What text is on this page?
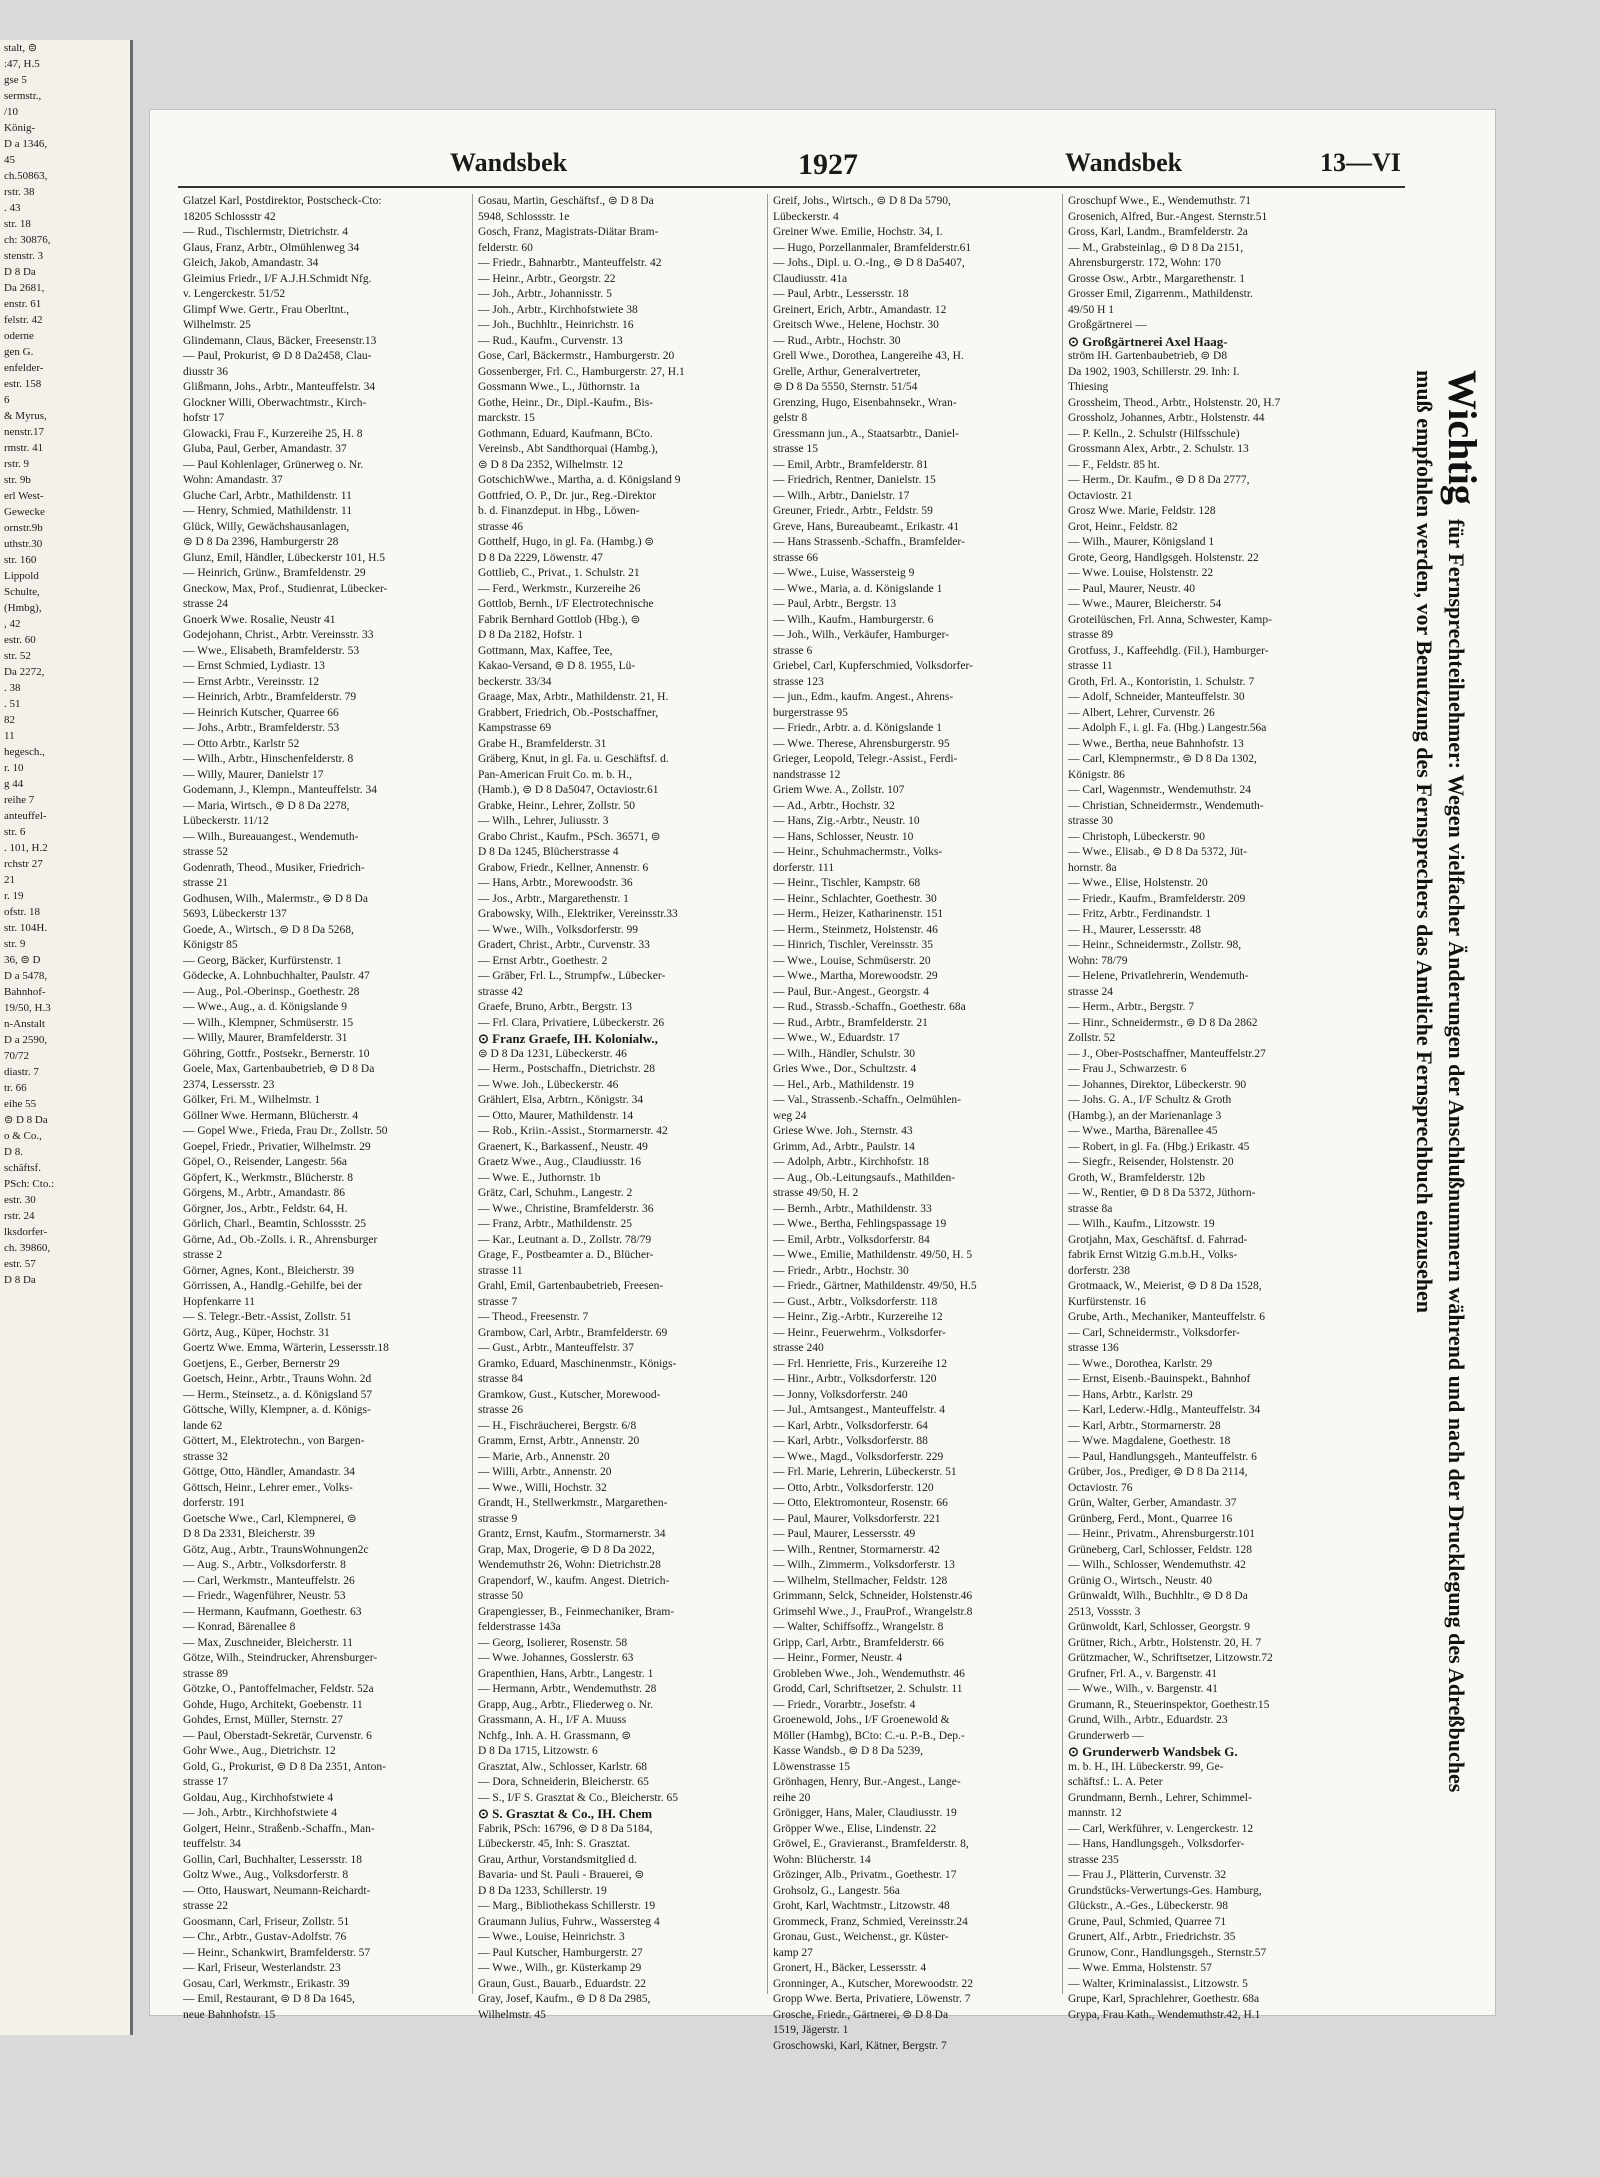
stalt, ⊜
:47, H.5
gse 5
sermstr.,
/10
König-
D a 1346,
45
ch.50863,
rstr. 38
. 43
str. 18
ch: 30876,
stenstr. 3
D 8 Da
Da 2681,
enstr. 61
felstr. 42
oderne
gen G.
enfelder-
estr. 158
6
& Myrus,
nenstr.17
rmstr. 41
rstr. 9
str. 9b
erl West-
Gewecke
ornstr.9b
uthstr.30
str. 160
Lippold
Schulte,
(Hmbg),
, 42
estr. 60
str. 52
Da 2272,
. 38
. 51
82
11
hegesch.,
r. 10
g 44
reihe 7
anteuffel-
str. 6
. 101, H.2
rchstr 27
21
r. 19
ofstr. 18
str. 104H.
str. 9
36, ⊜ D
D a 5478,
Bahnhof-
19/50, H.3
n-Anstalt
D a 2590,
70/72
diastr. 7
tr. 66
eihe 55
⊜ D 8 Da
o & Co.,
D 8.
schäftsf.
PSch: Cto.:
estr. 30
rstr. 24
lksdorfer-
ch. 39860,
estr. 57
D 8 Da
Wandsbek	1927	Wandsbek	13—VI
Glatzel Karl, Postdirektor, Postscheck-Cto:
18205 Schlossstr 42
— Rud., Tischlermstr, Dietrichstr. 4
Glaus, Franz, Arbtr., Olmühlenweg 34
Gleich, Jakob, Amandastr. 34
Gleimius Friedr., I/F A.J.H.Schmidt Nfg.
v. Lengerckestr. 51/52
Glimpf Wwe. Gertr., Frau Oberltnt.,
Wilhelmstr. 25
Glindemann, Claus, Bäcker, Freesenstr.13
— Paul, Prokurist, ⊜ D 8 Da2458, Clau-
diusstr 36
Glißmann, Johs., Arbtr., Manteuffelstr. 34
Glockner Willi, Oberwachtmstr., Kirch-
hofstr 17
Glowacki, Frau F., Kurzereihe 25, H. 8
Gluba, Paul, Gerber, Amandastr. 37
— Paul Kohlenlager, Grünerweg o. Nr.
Wohn: Amandastr. 37
Gluche Carl, Arbtr., Mathildenstr. 11
— Henry, Schmied, Mathildenstr. 11
Glück, Willy, Gewächshausanlagen,
⊜ D 8 Da 2396, Hamburgerstr 28
Glunz, Emil, Händler, Lübeckerstr 101, H.5
— Heinrich, Grünw., Bramfeldenstr. 29
Gneckow, Max, Prof., Studienrat, Lübecker-
strasse 24
Gnoerk Wwe. Rosalie, Neustr 41
Godejohann, Christ., Arbtr. Vereinsstr. 33
— Wwe., Elisabeth, Bramfelderstr. 53
— Ernst Schmied, Lydiastr. 13
— Ernst Arbtr., Vereinsstr. 12
— Heinrich, Arbtr., Bramfelderstr. 79
— Heinrich Kutscher, Quarree 66
— Johs., Arbtr., Bramfelderstr. 53
— Otto Arbtr., Karlstr 52
— Wilh., Arbtr., Hinschenfelderstr. 8
— Willy, Maurer, Danielstr 17
Godemann, J., Klempn., Manteuffelstr. 34
— Maria, Wirtsch., ⊜ D 8 Da 2278,
Lübeckerstr. 11/12
— Wilh., Bureauangest., Wendemuth-
strasse 52
Godenrath, Theod., Musiker, Friedrich-
strasse 21
Godhusen, Wilh., Malermstr., ⊜ D 8 Da
5693, Lübeckerstr 137
Goede, A., Wirtsch., ⊜ D 8 Da 5268,
Königstr 85
— Georg, Bäcker, Kurfürstenstr. 1
Gödecke, A. Lohnbuchhalter, Paulstr. 47
— Aug., Pol.-Oberinsp., Goethestr. 28
— Wwe., Aug., a. d. Königslande 9
— Wilh., Klempner, Schmüserstr. 15
— Willy, Maurer, Bramfelderstr. 31
Göhring, Gottfr., Postsekr., Bernerstr. 10
Goele, Max, Gartenbaubetrieb, ⊜ D 8 Da
2374, Lessersstr. 23
Gölker, Fri. M., Wilhelmstr. 1
Göllner Wwe. Hermann, Blücherstr. 4
— Gopel Wwe., Frieda, Frau Dr., Zollstr. 50
Goepel, Friedr., Privatier, Wilhelmstr. 29
Göpel, O., Reisender, Langestr. 56a
Göpfert, K., Werkmstr., Blücherstr. 8
Görgens, M., Arbtr., Amandastr. 86
Görgner, Jos., Arbtr., Feldstr. 64, H.
Görlich, Charl., Beamtin, Schlossstr. 25
Görne, Ad., Ob.-Zolls. i. R., Ahrensburger
strasse 2
Görner, Agnes, Kont., Bleicherstr. 39
Görrissen, A., Handlg.-Gehilfe, bei der
Hopfenkarre 11
— S. Telegr.-Betr.-Assist, Zollstr. 51
Görtz, Aug., Küper, Hochstr. 31
Goertz Wwe. Emma, Wärterin, Lessersstr.18
Goetjens, E., Gerber, Bernerstr 29
Goetsch, Heinr., Arbtr., Trauns Wohn. 2d
— Herm., Steinsetz., a. d. Königsland 57
Göttsche, Willy, Klempner, a. d. Königs-
lande 62
Göttert, M., Elektrotechn., von Bargen-
strasse 32
Göttge, Otto, Händler, Amandastr. 34
Göttsch, Heinr., Lehrer emer., Volks-
dorferstr. 191
Goetsche Wwe., Carl, Klempnerei, ⊜
D 8 Da 2331, Bleicherstr. 39
Götz, Aug., Arbtr., TraunsWohnungen2c
— Aug. S., Arbtr., Volksdorferstr. 8
— Carl, Werkmstr., Manteuffelstr. 26
— Friedr., Wagenführer, Neustr. 53
— Hermann, Kaufmann, Goethestr. 63
— Konrad, Bärenallee 8
— Max, Zuschneider, Bleicherstr. 11
Götze, Wilh., Steindrucker, Ahrensburger-
strasse 89
Götzke, O., Pantoffelmacher, Feldstr. 52a
Gohde, Hugo, Architekt, Goebenstr. 11
Gohdes, Ernst, Müller, Sternstr. 27
— Paul, Oberstadt-Sekretär, Curvenstr. 6
Gohr Wwe., Aug., Dietrichstr. 12
Gold, G., Prokurist, ⊜ D 8 Da 2351, Anton-
strasse 17
Goldau, Aug., Kirchhofstwiete 4
— Joh., Arbtr., Kirchhofstwiete 4
Golgert, Heinr., Straßenb.-Schaffn., Man-
teuffelstr. 34
Gollin, Carl, Buchhalter, Lessersstr. 18
Goltz Wwe., Aug., Volksdorferstr. 8
— Otto, Hauswart, Neumann-Reichardt-
strasse 22
Goosmann, Carl, Friseur, Zollstr. 51
— Chr., Arbtr., Gustav-Adolfstr. 76
— Heinr., Schankwirt, Bramfelderstr. 57
— Karl, Friseur, Westerlandstr. 23
Gosau, Carl, Werkmstr., Erikastr. 39
— Emil, Restaurant, ⊜ D 8 Da 1645,
neue Bahnhofstr. 15
Gosau, Martin, Geschäftsf., ⊜ D 8 Da
5948, Schlossstr. 1e
Gosch, Franz, Magistrats-Diätar Bram-
felderstr. 60
— Friedr., Bahnarbtr., Manteuffelstr. 42
— Heinr., Arbtr., Georgstr. 22
— Joh., Arbtr., Johannisstr. 5
— Joh., Arbtr., Kirchhofstwiete 38
— Joh., Buchhltr., Heinrichstr. 16
— Rud., Kaufm., Curvenstr. 13
Gose, Carl, Bäckermstr., Hamburgerstr. 20
Gossenberger, Frl. C., Hamburgerstr. 27, H.1
Gossmann Wwe., L., Jüthornstr. 1a
Gothe, Heinr., Dr., Dipl.-Kaufm., Bis-
marckstr. 15
Gothmann, Eduard, Kaufmann, BCto.
Vereinsb., Abt Sandthorquai (Hambg.),
⊜ D 8 Da 2352, Wilhelmstr. 12
GotschichWwe., Martha, a. d. Königsland 9
Gottfried, O. P., Dr. jur., Reg.-Direktor
b. d. Finanzdeput. in Hbg., Löwen-
strasse 46
Gotthelf, Hugo, in gl. Fa. (Hambg.) ⊜
D 8 Da 2229, Löwenstr. 47
Gottlieb, C., Privat., 1. Schulstr. 21
— Ferd., Werkmstr., Kurzereihe 26
Gottlob, Bernh., I/F Electrotechnische
Fabrik Bernhard Gottlob (Hbg.), ⊜
D 8 Da 2182, Hofstr. 1
Gottmann, Max, Kaffee, Tee,
Kakao-Versand, ⊜ D 8. 1955, Lü-
beckerstr. 33/34
Graage, Max, Arbtr., Mathildenstr. 21, H.
Grabbert, Friedrich, Ob.-Postschaffner,
Kampstrasse 69
Grabe H., Bramfelderstr. 31
Gräberg, Knut, in gl. Fa. u. Geschäftsf. d.
Pan-American Fruit Co. m. b. H.,
(Hamb.), ⊜ D 8 Da5047, Octaviostr.61
Grabke, Heinr., Lehrer, Zollstr. 50
— Wilh., Lehrer, Juliusstr. 3
Grabo Christ., Kaufm., PSch. 36571, ⊜
D 8 Da 1245, Blücherstrasse 4
Grabow, Friedr., Kellner, Annenstr. 6
— Hans, Arbtr., Morewoodstr. 36
— Jos., Arbtr., Margarethenstr. 1
Grabowsky, Wilh., Elektriker, Vereinsstr.33
— Wwe., Wilh., Volksdorferstr. 99
Gradert, Christ., Arbtr., Curvenstr. 33
— Ernst Arbtr., Goethestr. 2
— Gräber, Frl. L., Strumpfw., Lübecker-
strasse 42
Graefe, Bruno, Arbtr., Bergstr. 13
— Frl. Clara, Privatiere, Lübeckerstr. 26
⊙ Franz Graefe, IH. Kolonialw.,
⊜ D 8 Da 1231, Lübeckerstr. 46
— Herm., Postschaffn., Dietrichstr. 28
— Wwe. Joh., Lübeckerstr. 46
Grählert, Elsa, Arbtrn., Königstr. 34
— Otto, Maurer, Mathildenstr. 14
— Rob., Kriin.-Assist., Stormarnerstr. 42
Graenert, K., Barkassenf., Neustr. 49
Graetz Wwe., Aug., Claudiusstr. 16
— Wwe. E., Juthornstr. 1b
Grätz, Carl, Schuhm., Langestr. 2
— Wwe., Christine, Bramfelderstr. 36
— Franz, Arbtr., Mathildenstr. 25
— Kar., Leutnant a. D., Zollstr. 78/79
Grage, F., Postbeamter a. D., Blücher-
strasse 11
Grahl, Emil, Gartenbaubetrieb, Freesen-
strasse 7
— Theod., Freesenstr. 7
Grambow, Carl, Arbtr., Bramfelderstr. 69
— Gust., Arbtr., Manteuffelstr. 37
Gramko, Eduard, Maschinenmstr., Königs-
strasse 84
Gramkow, Gust., Kutscher, Morewood-
strasse 26
— H., Fischräucherei, Bergstr. 6/8
Gramm, Ernst, Arbtr., Annenstr. 20
— Marie, Arb., Annenstr. 20
— Willi, Arbtr., Annenstr. 20
— Wwe., Willi, Hochstr. 32
Grandt, H., Stellwerkmstr., Margarethen-
strasse 9
Grantz, Ernst, Kaufm., Stormarnerstr. 34
Grap, Max, Drogerie, ⊜ D 8 Da 2022,
Wendemuthstr 26, Wohn: Dietrichstr.28
Grapendorf, W., kaufm. Angest. Dietrich-
strasse 50
Grapengiesser, B., Feinmechaniker, Bram-
felderstrasse 143a
— Georg, Isolierer, Rosenstr. 58
— Wwe. Johannes, Gosslerstr. 63
Grapenthien, Hans, Arbtr., Langestr. 1
— Hermann, Arbtr., Wendemuthstr. 28
Grapp, Aug., Arbtr., Fliederweg o. Nr.
Grassmann, A. H., I/F A. Muuss
Nchfg., Inh. A. H. Grassmann, ⊜
D 8 Da 1715, Litzowstr. 6
Grasztat, Alw., Schlosser, Karlstr. 68
— Dora, Schneiderin, Bleicherstr. 65
— S., I/F S. Grasztat & Co., Bleicherstr. 65
⊙ S. Grasztat & Co., IH. Chem
Fabrik, PSch: 16796, ⊜ D 8 Da 5184,
Lübeckerstr. 45, Inh: S. Grasztat.
Grau, Arthur, Vorstandsmitglied d.
Bavaria- und St. Pauli - Brauerei, ⊜
D 8 Da 1233, Schillerstr. 19
— Marg., Bibliothekass Schillerstr. 19
Graumann Julius, Fuhrw., Wassersteg 4
— Wwe., Louise, Heinrichstr. 3
— Paul Kutscher, Hamburgerstr. 27
— Wwe., Wilh., gr. Küsterkamp 29
Graun, Gust., Bauarb., Eduardstr. 22
Gray, Josef, Kaufm., ⊜ D 8 Da 2985,
Wilhelmstr. 45
Greif, Johs., Wirtsch., ⊜ D 8 Da 5790,
Lübeckerstr. 4
Greiner Wwe. Emilie, Hochstr. 34, I.
— Hugo, Porzellanmaler, Bramfelderstr.61
— Johs., Dipl. u. O.-Ing., ⊜ D 8 Da5407,
Claudiusstr. 41a
— Paul, Arbtr., Lessersstr. 18
Greinert, Erich, Arbtr., Amandastr. 12
Greitsch Wwe., Helene, Hochstr. 30
— Rud., Arbtr., Hochstr. 30
Grell Wwe., Dorothea, Langereihe 43, H.
Grelle, Arthur, Generalvertreter,
⊜ D 8 Da 5550, Sternstr. 51/54
Grenzing, Hugo, Eisenbahnsekr., Wran-
gelstr 8
Gressmann jun., A., Staatsarbtr., Daniel-
strasse 15
— Emil, Arbtr., Bramfelderstr. 81
— Friedrich, Rentner, Danielstr. 15
— Wilh., Arbtr., Danielstr. 17
Greuner, Friedr., Arbtr., Feldstr. 59
Greve, Hans, Bureaubeamt., Erikastr. 41
— Hans Strassenb.-Schaffn., Bramfelder-
strasse 66
— Wwe., Luise, Wassersteig 9
— Wwe., Maria, a. d. Königslande 1
— Paul, Arbtr., Bergstr. 13
— Wilh., Kaufm., Hamburgerstr. 6
— Joh., Wilh., Verkäufer, Hamburger-
strasse 6
Griebel, Carl, Kupferschmied, Volksdorfer-
strasse 123
— jun., Edm., kaufm. Angest., Ahrens-
burgerstrasse 95
— Friedr., Arbtr. a. d. Königslande 1
— Wwe. Therese, Ahrensburgerstr. 95
Grieger, Leopold, Telegr.-Assist., Ferdi-
nandstrasse 12
Griem Wwe. A., Zollstr. 107
— Ad., Arbtr., Hochstr. 32
— Hans, Zig.-Arbtr., Neustr. 10
— Hans, Schlosser, Neustr. 10
— Heinr., Schuhmachermstr., Volks-
dorferstr. 111
— Heinr., Tischler, Kampstr. 68
— Heinr., Schlachter, Goethestr. 30
— Herm., Heizer, Katharinenstr. 151
— Herm., Steinmetz, Holstenstr. 46
— Hinrich, Tischler, Vereinsstr. 35
— Wwe., Louise, Schmüserstr. 20
— Wwe., Martha, Morewoodstr. 29
— Paul, Bur.-Angest., Georgstr. 4
— Rud., Strassb.-Schaffn., Goethestr. 68a
— Rud., Arbtr., Bramfelderstr. 21
— Wwe., W., Eduardstr. 17
— Wilh., Händler, Schulstr. 30
Gries Wwe., Dor., Schultzstr. 4
— Hel., Arb., Mathildenstr. 19
— Val., Strassenb.-Schaffn., Oelmühlen-
weg 24
Griese Wwe. Joh., Sternstr. 43
Grimm, Ad., Arbtr., Paulstr. 14
— Adolph, Arbtr., Kirchhofstr. 18
— Aug., Ob.-Leitungsaufs., Mathilden-
strasse 49/50, H. 2
— Bernh., Arbtr., Mathildenstr. 33
— Wwe., Bertha, Fehlingspassage 19
— Emil, Arbtr., Volksdorferstr. 84
— Wwe., Emilie, Mathildenstr. 49/50, H. 5
— Friedr., Arbtr., Hochstr. 30
— Friedr., Gärtner, Mathildenstr. 49/50, H.5
— Gust., Arbtr., Volksdorferstr. 118
— Heinr., Zig.-Arbtr., Kurzereihe 12
— Heinr., Feuerwehrm., Volksdorfer-
strasse 240
— Frl. Henriette, Fris., Kurzereihe 12
— Hinr., Arbtr., Volksdorferstr. 120
— Jonny, Volksdorferstr. 240
— Jul., Amtsangest., Manteuffelstr. 4
— Karl, Arbtr., Volksdorferstr. 64
— Karl, Arbtr., Volksdorferstr. 88
— Wwe., Magd., Volksdorferstr. 229
— Frl. Marie, Lehrerin, Lübeckerstr. 51
— Otto, Arbtr., Volksdorferstr. 120
— Otto, Elektromonteur, Rosenstr. 66
— Paul, Maurer, Volksdorferstr. 221
— Paul, Maurer, Lessersstr. 49
— Wilh., Rentner, Stormarnerstr. 42
— Wilh., Zimmerm., Volksdorferstr. 13
— Wilhelm, Stellmacher, Feldstr. 128
Grimmann, Selck, Schneider, Holstenstr.46
Grimsehl Wwe., J., FrauProf., Wrangelstr.8
— Walter, Schiffsoffz., Wrangelstr. 8
Gripp, Carl, Arbtr., Bramfelderstr. 66
— Heinr., Former, Neustr. 4
Grobleben Wwe., Joh., Wendemuthstr. 46
Grodd, Carl, Schriftsetzer, 2. Schulstr. 11
— Friedr., Vorarbtr., Josefstr. 4
Groenewold, Johs., I/F Groenewold &
Möller (Hambg), BCto: C.-u. P.-B., Dep.-
Kasse Wandsb., ⊜ D 8 Da 5239,
Löwenstrasse 15
Grönhagen, Henry, Bur.-Angest., Lange-
reihe 20
Grönigger, Hans, Maler, Claudiusstr. 19
Gröpper Wwe., Elise, Lindenstr. 22
Gröwel, E., Gravieranst., Bramfelderstr. 8,
Wohn: Blücherstr. 14
Grözinger, Alb., Privatm., Goethestr. 17
Grohsolz, G., Langestr. 56a
Groht, Karl, Wachtmstr., Litzowstr. 48
Grommeck, Franz, Schmied, Vereinsstr.24
Gronau, Gust., Weichenst., gr. Küster-
kamp 27
Gronert, H., Bäcker, Lessersstr. 4
Gronninger, A., Kutscher, Morewoodstr. 22
Gropp Wwe. Berta, Privatiere, Löwenstr. 7
Grosche, Friedr., Gärtnerei, ⊜ D 8 Da
1519, Jägerstr. 1
Groschowski, Karl, Kätner, Bergstr. 7
Groschupf Wwe., E., Wendemuthstr. 71
Grosenich, Alfred, Bur.-Angest. Sternstr.51
Gross, Karl, Landm., Bramfelderstr. 2a
— M., Grabsteinlag., ⊜ D 8 Da 2151,
Ahrensburgerstr. 172, Wohn: 170
Grosse Osw., Arbtr., Margarethenstr. 1
Grosser Emil, Zigarrenm., Mathildenstr.
49/50 H 1
Großgärtnerei —
⊙ Großgärtnerei Axel Haag-
ström IH. Gartenbaubetrieb, ⊜ D8
Da 1902, 1903, Schillerstr. 29. Inh: I.
Thiesing
Grossheim, Theod., Arbtr., Holstenstr. 20, H.7
Grossholz, Johannes, Arbtr., Holstenstr. 44
— P. Kelln., 2. Schulstr (Hilfsschule)
Grossmann Alex, Arbtr., 2. Schulstr. 13
— F., Feldstr. 85 ht.
— Herm., Dr. Kaufm., ⊜ D 8 Da 2777,
Octaviostr. 21
Grosz Wwe. Marie, Feldstr. 128
Grot, Heinr., Feldstr. 82
— Wilh., Maurer, Königsland 1
Grote, Georg, Handlgsgeh. Holstenstr. 22
— Wwe. Louise, Holstenstr. 22
— Paul, Maurer, Neustr. 40
— Wwe., Maurer, Bleicherstr. 54
Groteilüschen, Frl. Anna, Schwester, Kamp-
strasse 89
Grotfuss, J., Kaffeehdlg. (Fil.), Hamburger-
strasse 11
Groth, Frl. A., Kontoristin, 1. Schulstr. 7
— Adolf, Schneider, Manteuffelstr. 30
— Albert, Lehrer, Curvenstr. 26
— Adolph F., i. gl. Fa. (Hbg.) Langestr.56a
— Wwe., Bertha, neue Bahnhofstr. 13
— Carl, Klempnermstr., ⊜ D 8 Da 1302,
Königstr. 86
— Carl, Wagenmstr., Wendemuthstr. 24
— Christian, Schneidermstr., Wendemuth-
strasse 30
— Christoph, Lübeckerstr. 90
— Wwe., Elisab., ⊜ D 8 Da 5372, Jüt-
hornstr. 8a
— Wwe., Elise, Holstenstr. 20
— Friedr., Kaufm., Bramfelderstr. 209
— Fritz, Arbtr., Ferdinandstr. 1
— H., Maurer, Lessersstr. 48
— Heinr., Schneidermstr., Zollstr. 98,
Wohn: 78/79
— Helene, Privatlehrerin, Wendemuth-
strasse 24
— Herm., Arbtr., Bergstr. 7
— Hinr., Schneidermstr., ⊜ D 8 Da 2862
Zollstr. 52
— J., Ober-Postschaffner, Manteuffelstr.27
— Frau J., Schwarzestr. 6
— Johannes, Direktor, Lübeckerstr. 90
— Johs. G. A., I/F Schultz & Groth
(Hambg.), an der Marienanlage 3
— Wwe., Martha, Bärenallee 45
— Robert, in gl. Fa. (Hbg.) Erikastr. 45
— Siegfr., Reisender, Holstenstr. 20
Groth, W., Bramfelderstr. 12b
— W., Rentier, ⊜ D 8 Da 5372, Jüthorn-
strasse 8a
— Wilh., Kaufm., Litzowstr. 19
Grotjahn, Max, Geschäftsf. d. Fahrrad-
fabrik Ernst Witzig G.m.b.H., Volks-
dorferstr. 238
Grotmaack, W., Meierist, ⊜ D 8 Da 1528,
Kurfürstenstr. 16
Grube, Arth., Mechaniker, Manteuffelstr. 6
— Carl, Schneidermstr., Volksdorfer-
strasse 136
— Wwe., Dorothea, Karlstr. 29
— Ernst, Eisenb.-Bauinspekt., Bahnhof
— Hans, Arbtr., Karlstr. 29
— Karl, Lederw.-Hdlg., Manteuffelstr. 34
— Karl, Arbtr., Stormarnerstr. 28
— Wwe. Magdalene, Goethestr. 18
— Paul, Handlungsgeh., Manteuffelstr. 6
Grüber, Jos., Prediger, ⊜ D 8 Da 2114,
Octaviostr. 76
Grün, Walter, Gerber, Amandastr. 37
Grünberg, Ferd., Mont., Quarree 16
— Heinr., Privatm., Ahrensburgerstr.101
Grüneberg, Carl, Schlosser, Feldstr. 128
— Wilh., Schlosser, Wendemuthstr. 42
Grünig O., Wirtsch., Neustr. 40
Grünwaldt, Wilh., Buchhltr., ⊜ D 8 Da
2513, Vossstr. 3
Grünwoldt, Karl, Schlosser, Georgstr. 9
Grütner, Rich., Arbtr., Holstenstr. 20, H. 7
Grützmacher, W., Schriftsetzer, Litzowstr.72
Grufner, Frl. A., v. Bargenstr. 41
— Wwe., Wilh., v. Bargenstr. 41
Grumann, R., Steuerinspektor, Goethestr.15
Grund, Wilh., Arbtr., Eduardstr. 23
Grunderwerb —
⊙ Grunderwerb Wandsbek G.
m. b. H., IH. Lübeckerstr. 99, Ge-
schäftsf.: L. A. Peter
Grundmann, Bernh., Lehrer, Schimmel-
mannstr. 12
— Carl, Werkführer, v. Lengerckestr. 12
— Hans, Handlungsgeh., Volksdorfer-
strasse 235
— Frau J., Plätterin, Curvenstr. 32
Grundstücks-Verwertungs-Ges. Hamburg,
Glückstr., A.-Ges., Lübeckerstr. 98
Grune, Paul, Schmied, Quarree 71
Grunert, Alf., Arbtr., Friedrichstr. 35
Grunow, Conr., Handlungsgeh., Sternstr.57
— Wwe. Emma, Holstenstr. 57
— Walter, Kriminalassist., Litzowstr. 5
Grupe, Karl, Sprachlehrer, Goethestr. 68a
Grypa, Frau Kath., Wendemuthstr.42, H.1
Wichtig für Fernsprechteilnehmer: Wegen vielfacher Änderungen der Anschlußnummern während und nach der Drucklegung des Adreßbuches muß empfohlen werden, vor Benutzung des Fernsprechers das Amtliche Fernsprechbuch einzusehen
